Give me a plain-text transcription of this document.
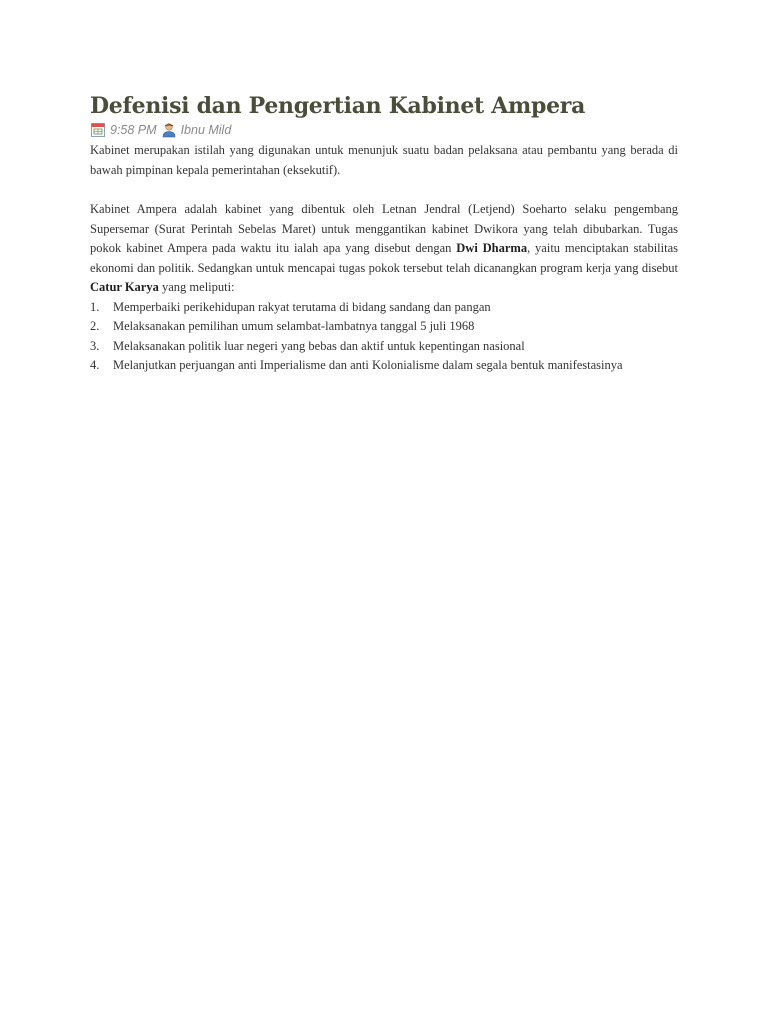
Defenisi dan Pengertian Kabinet Ampera
9:58 PM Ibnu Mild

Kabinet merupakan istilah yang digunakan untuk menunjuk suatu badan pelaksana atau pembantu yang berada di bawah pimpinan kepala pemerintahan (eksekutif).

Kabinet Ampera adalah kabinet yang dibentuk oleh Letnan Jendral (Letjend) Soeharto selaku pengembang Supersemar (Surat Perintah Sebelas Maret) untuk menggantikan kabinet Dwikora yang telah dibubarkan. Tugas pokok kabinet Ampera pada waktu itu ialah apa yang disebut dengan Dwi Dharma, yaitu menciptakan stabilitas ekonomi dan politik. Sedangkan untuk mencapai tugas pokok tersebut telah dicanangkan program kerja yang disebut Catur Karya yang meliputi:

1.	Memperbaiki perikehidupan rakyat terutama di bidang sandang dan pangan
2.	Melaksanakan pemilihan umum selambat-lambatnya tanggal 5 juli 1968
3.	Melaksanakan politik luar negeri yang bebas dan aktif untuk kepentingan nasional
4.	Melanjutkan perjuangan anti Imperialisme dan anti Kolonialisme dalam segala bentuk manifestasinya
